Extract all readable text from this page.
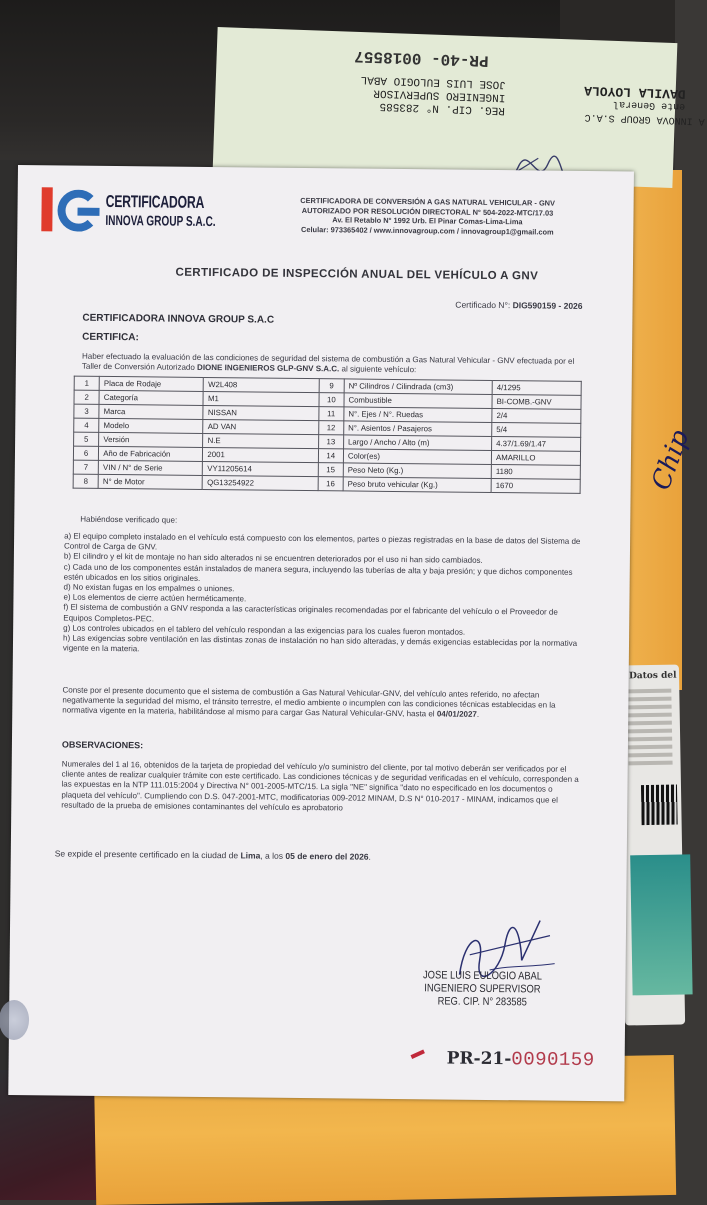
Chip
Datos del
PR-40- 0018557
REG. CIP. N° 283585
INGENIERO SUPERVISOR
JOSE LUIS EULOGIO ABAL
A INNOVA GROUP S.A.C
ente General
DAVILA LOYOLA
CERTIFICADORA
INNOVA GROUP S.A.C.
CERTIFICADORA DE CONVERSIÓN A GAS NATURAL VEHICULAR - GNV
AUTORIZADO POR RESOLUCIÓN DIRECTORAL N° 504-2022-MTC/17.03
Av. El Retablo N° 1992 Urb. El Pinar Comas-Lima-Lima
Celular: 973365402 / www.innovagroup.com / innovagroup1@gmail.com
CERTIFICADO DE INSPECCIÓN ANUAL DEL VEHÍCULO A GNV
Certificado N°: DIG590159 - 2026
CERTIFICADORA INNOVA GROUP S.A.C
CERTIFICA:
Haber efectuado la evaluación de las condiciones de seguridad del sistema de combustión a Gas Natural Vehicular - GNV efectuada por el Taller de Conversión Autorizado DIONE INGENIEROS GLP-GNV S.A.C. al siguiente vehículo:
1	Placa de Rodaje	W2L408	9	Nº Cilindros / Cilindrada (cm3)	4/1295
2	Categoría	M1	10	Combustible	BI-COMB.-GNV
3	Marca	NISSAN	11	N°. Ejes / N°. Ruedas	2/4
4	Modelo	AD VAN	12	N°. Asientos / Pasajeros	5/4
5	Versión	N.E	13	Largo / Ancho / Alto (m)	4.37/1.69/1.47
6	Año de Fabricación	2001	14	Color(es)	AMARILLO
7	VIN / N° de Serie	VY11205614	15	Peso Neto (Kg.)	1180
8	N° de Motor	QG13254922	16	Peso bruto vehicular (Kg.)	1670
Habiéndose verificado que:

a) El equipo completo instalado en el vehículo está compuesto con los elementos, partes o piezas registradas en la base de datos del Sistema de Control de Carga de GNV.

b) El cilindro y el kit de montaje no han sido alterados ni se encuentren deteriorados por el uso ni han sido cambiados.

c) Cada uno de los componentes están instalados de manera segura, incluyendo las tuberías de alta y baja presión; y que dichos componentes estén ubicados en los sitios originales.

d) No existan fugas en los empalmes o uniones.

e) Los elementos de cierre actúen herméticamente.

f) El sistema de combustión a GNV responda a las características originales recomendadas por el fabricante del vehículo o el Proveedor de Equipos Completos-PEC.

g) Los controles ubicados en el tablero del vehículo respondan a las exigencias para los cuales fueron montados.

h) Las exigencias sobre ventilación en las distintas zonas de instalación no han sido alteradas, y demás exigencias establecidas por la normativa vigente en la materia.

Conste por el presente documento que el sistema de combustión a Gas Natural Vehicular-GNV, del vehículo antes referido, no afectan negativamente la seguridad del mismo, el tránsito terrestre, el medio ambiente o incumplen con las condiciones técnicas establecidas en la normativa vigente en la materia, habilitándose al mismo para cargar Gas Natural Vehicular-GNV, hasta el 04/01/2027.
OBSERVACIONES:
Numerales del 1 al 16, obtenidos de la tarjeta de propiedad del vehículo y/o suministro del cliente, por tal motivo deberán ser verificados por el cliente antes de realizar cualquier trámite con este certificado. Las condiciones técnicas y de seguridad verificadas en el vehículo, corresponden a las expuestas en la NTP 111.015:2004 y Directiva N° 001-2005-MTC/15. La sigla "NE" significa "dato no especificado en los documentos o plaqueta del vehículo". Cumpliendo con D.S. 047-2001-MTC, modificatorias 009-2012 MINAM, D.S N° 010-2017 - MINAM, indicamos que el resultado de la prueba de emisiones contaminantes del vehículo es aprobatorio
Se expide el presente certificado en la ciudad de Lima, a los 05 de enero del 2026.
JOSE LUIS EULOGIO ABAL
INGENIERO SUPERVISOR
REG. CIP. N° 283585
PR-21-0090159
